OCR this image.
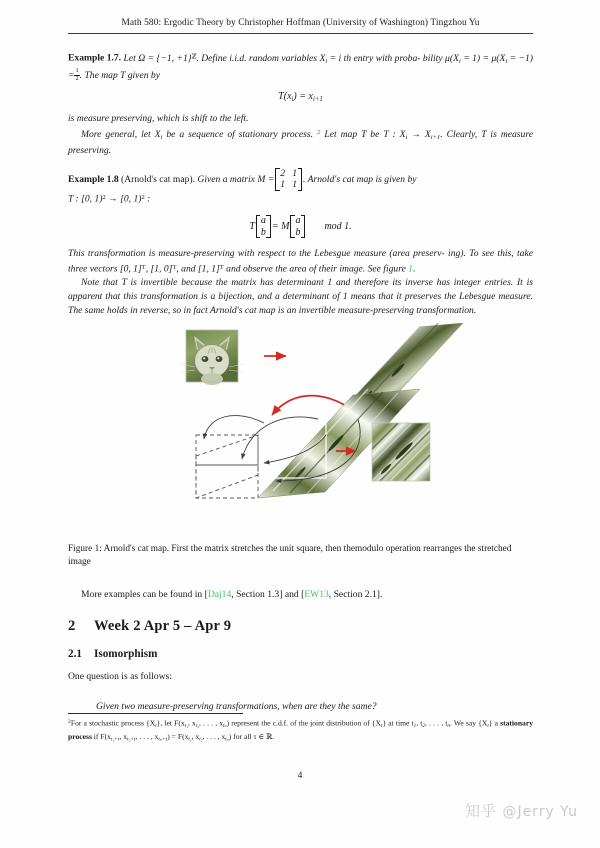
Math 580: Ergodic Theory by Christopher Hoffman (University of Washington) Tingzhou Yu

Example 1.7. Let Ω = {−1, +1}$^ℤ$. Define i.i.d. random variables $X_i = i$ th entry with proba- bility $\mu(X_i = 1) = \mu(X_i = -1) = \frac{1}{2}$ . The map T given by

$T(x_i) = x_{i+1}$

is measure preserving, which is shift to the left.

More general, let $X_i$ be a sequence of stationary process. $^2$ Let map T be T : $X_i \to X_{i+1}$. Clearly, T is measure preserving.

Example 1.8 (Arnold's cat map). Given a matrix M =
2   1
1   1 . Arnold's cat map is given by

T : [0, 1)$^2$ → [0, 1)$^2$ :

T
a
b
= M
a
b
mod 1.

This transformation is measure-preserving with respect to the Lebesgue measure (area preserv- ing). To see this, take three vectors [0, 1]$^T$, [1, 0]$^T$, and [1, 1]$^T$ and observe the area of their image. See figure 1.

Note that T is invertible because the matrix has determinant 1 and therefore its inverse has integer entries. It is apparent that this transformation is a bijection, and a determinant of 1 means that it preserves the Lebesgue measure. The same holds in reverse, so in fact Arnold's cat map is an invertible measure-preserving transformation.

Figure 1: Arnold's cat map. First the matrix stretches the unit square, then themodulo operation rearranges the stretched image

More examples can be found in [Daj14, Section 1.3] and [EW13, Section 2.1].

2 Week 2 Apr 5 – Apr 9
2.1 Isomorphism

One question is as follows:

Given two measure-preserving transformations, when are they the same?

$^2$For a stochastic process $\{X_t\}$, let $F(x_{t_1}$, $x_{t_2}$, . . . , $x_{t_n}$) represent the c.d.f. of the joint distribution of $\{X_t\}$ at time $t_1$, $t_2$, . . . , $t_n$. We say $\{X_t\}$ a stationary process if $F(x_{t_1+\tau}$, $x_{t_2+\tau}$, . . . , $x_{t_n+\tau}) = F(x_{t_1}$, $x_{t_2}$, . . . , $x_{t_n}$) for all τ ∈ ℝ.
4
知乎 @Jerry Yu
